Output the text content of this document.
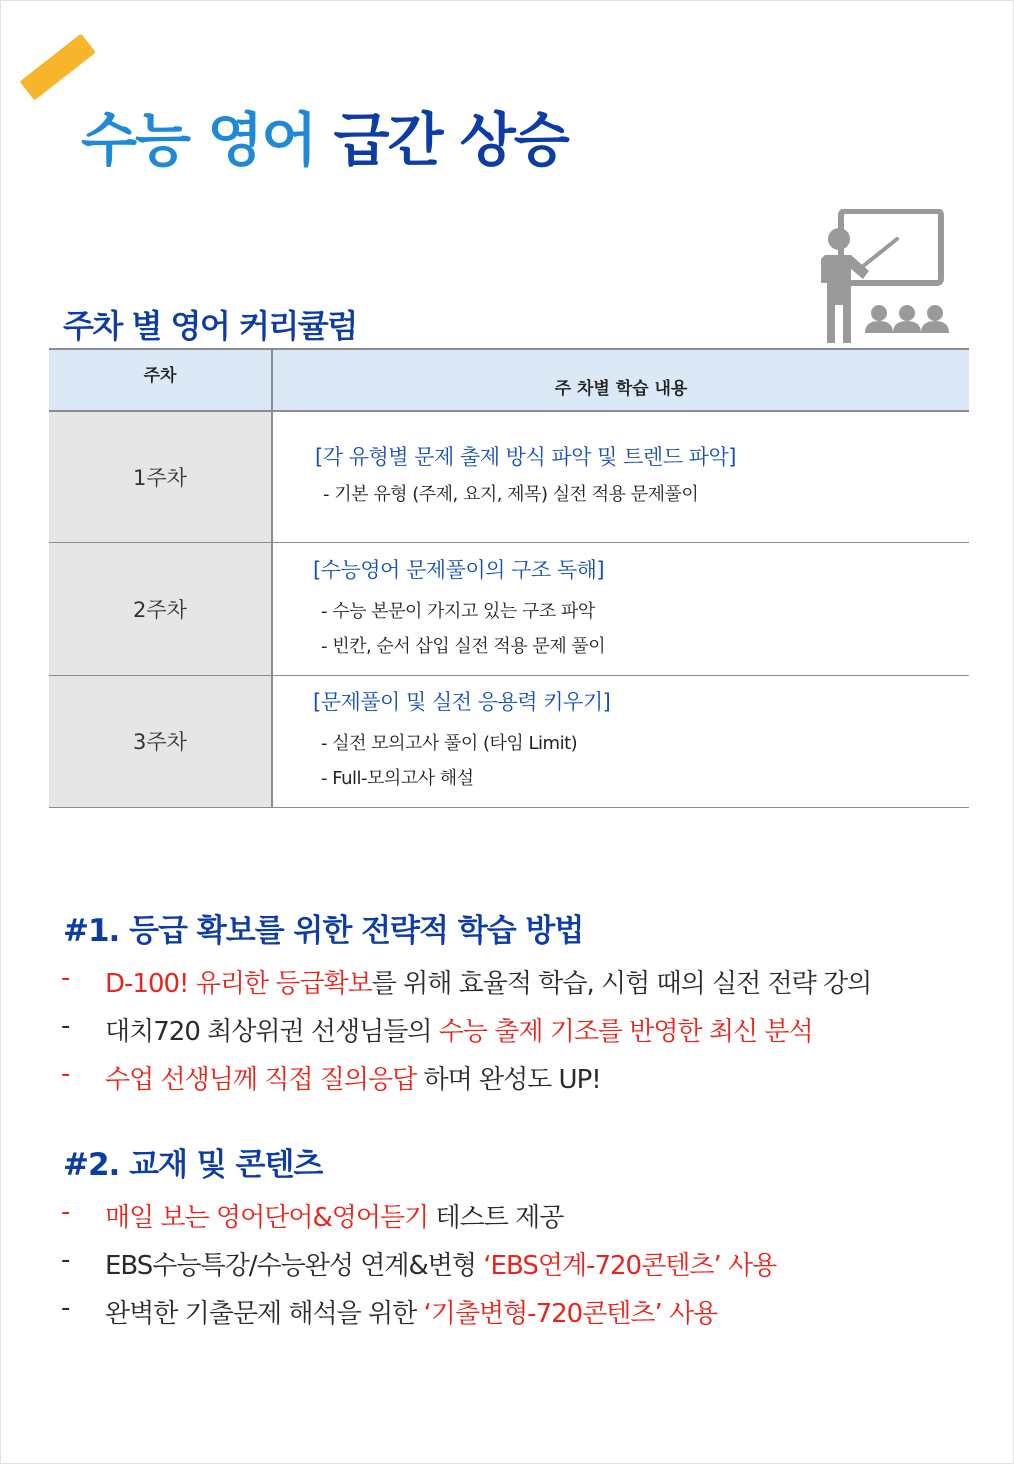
수능 영어 급간 상승
주차 별 영어 커리큘럼
주차	주 차별 학습 내용
1주차	[각 유형별 문제 출제 방식 파악 및 트렌드 파악]
- 기본 유형 (주제, 요지, 제목) 실전 적용 문제풀이

2주차	[수능영어 문제풀이의 구조 독해]
- 수능 본문이 가지고 있는 구조 파악
- 빈칸, 순서 삽입 실전 적용 문제 풀이

3주차	[문제풀이 및 실전 응용력 키우기]
- 실전 모의고사 풀이 (타임 Limit)
- Full-모의고사 해설
#1. 등급 확보를 위한 전략적 학습 방법
-	D-100! 유리한 등급확보를 위해 효율적 학습, 시험 때의 실전 전략 강의
-	대치720 최상위권 선생님들의 수능 출제 기조를 반영한 최신 분석
-	수업 선생님께 직접 질의응답 하며 완성도 UP!
#2. 교재 및 콘텐츠
-	매일 보는 영어단어&영어듣기 테스트 제공
-	EBS수능특강/수능완성 연계&변형 ‘EBS연계-720콘텐츠’ 사용
-	완벽한 기출문제 해석을 위한 ‘기출변형-720콘텐츠’ 사용
